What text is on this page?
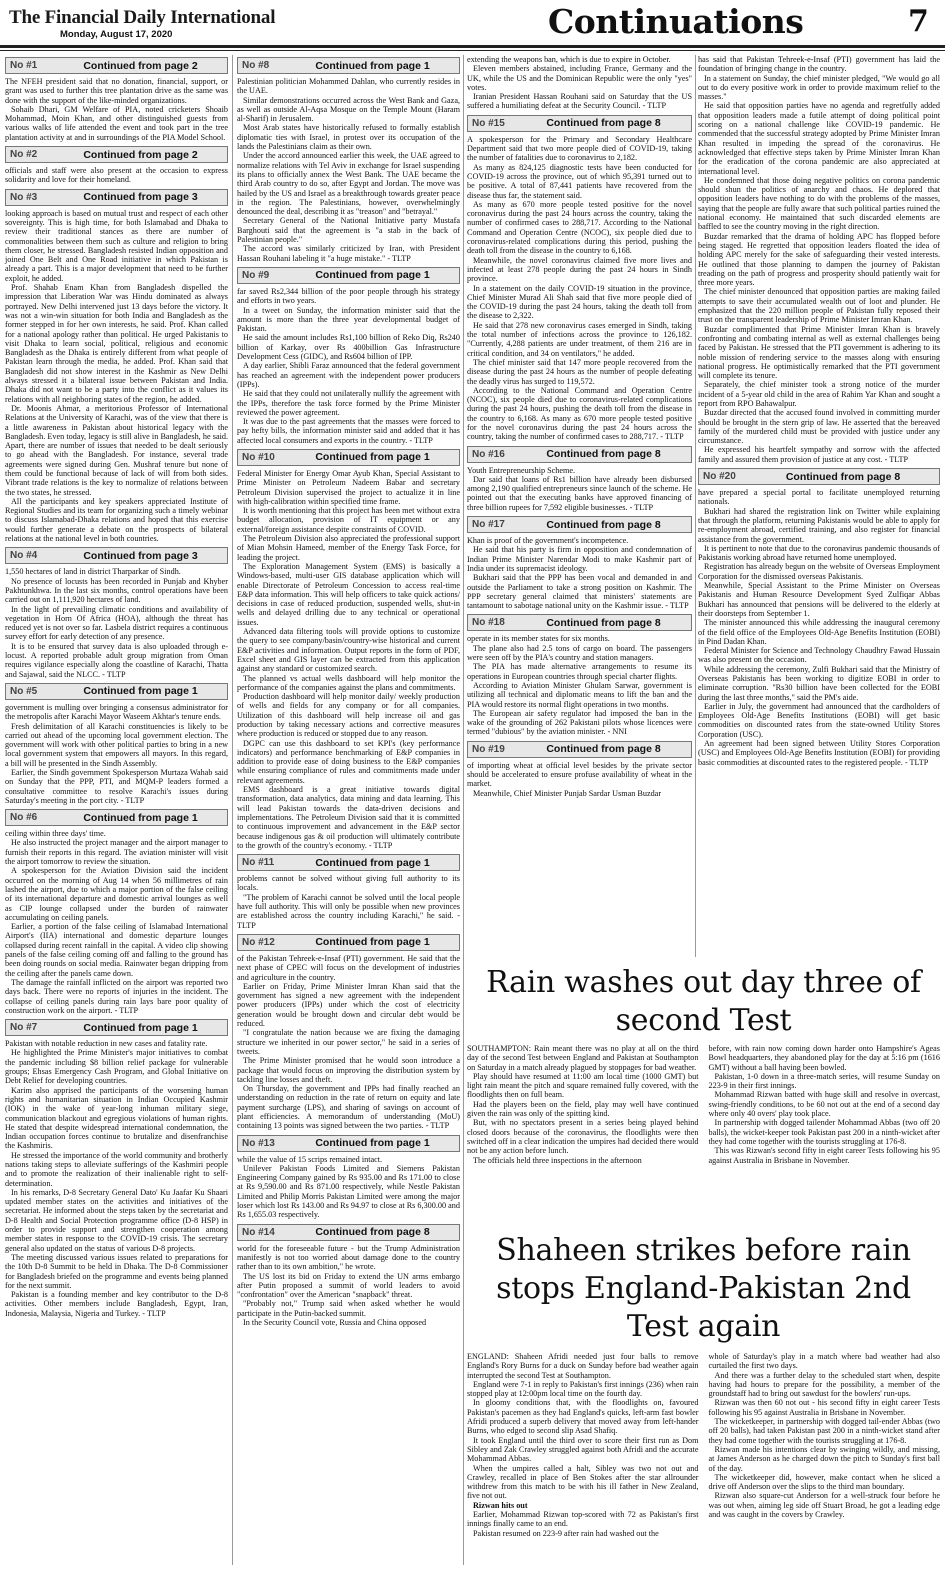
The Financial Daily International
Monday, August 17, 2020	Continuations	7
No #1	Continued from page 2

The NFEH president said that no donation, financial, support, or grant was used to further this tree plantation drive as the same was done with the support of the like-minded organizations.

Sohaib Dhari, GM Welfare of PIA, noted cricketers Shoaib Mohammad, Moin Khan, and other distinguished guests from various walks of life attended the event and took part in the tree plantation activity at and in surroundings of the PIA Model School.

No #2	Continued from page 2

officials and staff were also present at the occasion to express solidarity and love for their homeland.

No #3	Continued from page 3

looking approach is based on mutual trust and respect of each other sovereignty. This is high time, for both Islamabad and Dhaka to review their traditional stances as there are number of commonalities between them such as culture and religion to bring them closer, he stressed. Bangladesh resisted Indian opposition and joined One Belt and One Road initiative in which Pakistan is already a part. This is a major development that need to be further exploit, he added.

Prof. Shahab Enam Khan from Bangladesh dispelled the impression that Liberation War was Hindu dominated as always portrayed. New Delhi intervened just 13 days before the victory. It was not a win-win situation for both India and Bangladesh as the former stepped in for her own interests, he said. Prof. Khan called for a national apology rather than political. He urged Pakistanis to visit Dhaka to learn social, political, religious and economic Bangladesh as the Dhaka is entirely different from what people of Pakistan learn through the media, he added. Prof. Khan said that Bangladesh did not show interest in the Kashmir as New Delhi always stressed it a bilateral issue between Pakistan and India. Dhaka did not want to be a party into the conflict as it values its relations with all neighboring states of the region, he added.

Dr. Moonis Ahmar, a meritorious Professor of International Relations at the University of Karachi, was of the view that there is a little awareness in Pakistan about historical legacy with the Bangladesh. Even today, legacy is still alive in Bangladesh, he said. Apart, there are number of issues that needed to be dealt seriously to go ahead with the Bangladesh. For instance, several trade agreements were signed during Gen. Mushraf tenure but none of them could be functional because of lack of will from both sides. Vibrant trade relations is the key to normalize of relations between the two states, he stressed.

All the participants and key speakers appreciated Institute of Regional Studies and its team for organizing such a timely webinar to discuss Islamabad-Dhaka relations and hoped that this exercise would further generate a debate on the prospects of bilateral relations at the national level in both countries.

No #4	Continued from page 3

1,550 hectares of land in district Tharparkar of Sindh.

No presence of locusts has been recorded in Punjab and Khyber Pakhtunkhwa. In the last six months, control operations have been carried out on 1,111,920 hectares of land.

In the light of prevailing climatic conditions and availability of vegetation in Horn Of Africa (HOA), although the threat has reduced yet is not over so far. Lasbela district requires a continuous survey effort for early detection of any presence.

It is to be ensured that survey data is also uploaded through e-locust. A reported probable adult group migration from Oman requires vigilance especially along the coastline of Karachi, Thatta and Sajawal, said the NLCC. - TLTP

No #5	Continued from page 1

government is mulling over bringing a consensus administrator for the metropolis after Karachi Mayor Waseem Akhtar's tenure ends.

Fresh delimitation of all Karachi constituencies is likely to be carried out ahead of the upcoming local government election. The government will work with other political parties to bring in a new local government system that empowers all mayors. In this regard, a bill will be presented in the Sindh Assembly.

Earlier, the Sindh government Spokesperson Murtaza Wahab said on Sunday that the PPP, PTI, and MQM-P leaders formed a consultative committee to resolve Karachi's issues during Saturday's meeting in the port city. - TLTP

No #6	Continued from page 1

ceiling within three days' time.

He also instructed the project manager and the airport manager to furnish their reports in this regard. The aviation minister will visit the airport tomorrow to review the situation.

A spokesperson for the Aviation Division said the incident occurred on the morning of Aug 14 when 56 millimetres of rain lashed the airport, due to which a major portion of the false ceiling of its international departure and domestic arrival lounges as well as CIP lounge collapsed under the burden of rainwater accumulating on ceiling panels.

Earlier, a portion of the false ceiling of Islamabad International Airport's (IIA) international and domestic departure lounges collapsed during recent rainfall in the capital. A video clip showing panels of the false ceiling coming off and falling to the ground has been doing rounds on social media. Rainwater began dripping from the ceiling after the panels came down.

The damage the rainfall inflicted on the airport was reported two days back. There were no reports of injuries in the incident. The collapse of ceiling panels during rain lays bare poor quality of construction work on the airport. - TLTP

No #7	Continued from page 1

Pakistan with notable reduction in new cases and fatality rate.

He highlighted the Prime Minister's major initiatives to combat the pandemic including $8 billion relief package for vulnerable groups; Ehsas Emergency Cash Program, and Global Initiative on Debt Relief for developing countries.

Karim also apprised the participants of the worsening human rights and humanitarian situation in Indian Occupied Kashmir (IOK) in the wake of year-long inhuman military siege, communication blackout and egregious violations of human rights. He stated that despite widespread international condemnation, the Indian occupation forces continue to brutalize and disenfranchise the Kashmiris.

He stressed the importance of the world community and brotherly nations taking steps to alleviate sufferings of the Kashmiri people and to promote the realization of their inalienable right to self-determination.

In his remarks, D-8 Secretary General Dato' Ku Jaafar Ku Shaari updated member states on the activities and initiatives of the secretariat. He informed about the steps taken by the secretariat and D-8 Health and Social Protection programme office (D-8 HSP) in order to provide support and strengthen cooperation among member states in response to the COVID-19 crisis. The secretary general also updated on the status of various D-8 projects.

The meeting discussed various issues related to preparations for the 10th D-8 Summit to be held in Dhaka. The D-8 Commissioner for Bangladesh briefed on the programme and events being planned for the next summit.

Pakistan is a founding member and key contributor to the D-8 activities. Other members include Bangladesh, Egypt, Iran, Indonesia, Malaysia, Nigeria and Turkey. - TLTP

No #8	Continued from page 1

Palestinian politician Mohammed Dahlan, who currently resides in the UAE.

Similar demonstrations occurred across the West Bank and Gaza, as well as outside Al-Aqsa Mosque on the Temple Mount (Haram al-Sharif) in Jerusalem.

Most Arab states have historically refused to formally establish diplomatic ties with Israel, in protest over its occupation of the lands the Palestinians claim as their own.

Under the accord announced earlier this week, the UAE agreed to normalize relations with Tel Aviv in exchange for Israel suspending its plans to officially annex the West Bank. The UAE became the third Arab country to do so, after Egypt and Jordan. The move was hailed by the US and Israel as a breakthrough towards greater peace in the region. The Palestinians, however, overwhelmingly denounced the deal, describing it as "treason" and "betrayal."

Secretary General of the National Initiative party Mustafa Barghouti said that the agreement is "a stab in the back of Palestinian people."

The accord was similarly criticized by Iran, with President Hassan Rouhani labeling it "a huge mistake." - TLTP

No #9	Continued from page 1

far saved Rs2,344 billion of the poor people through his strategy and efforts in two years.

In a tweet on Sunday, the information minister said that the amount is more than the three year developmental budget of Pakistan.

He said the amount includes Rs1,100 billion of Reko Diq, Rs240 billion of Karkay, over Rs 400billion Gas Infrastructure Development Cess (GIDC), and Rs604 billion of IPP.

A day earlier, Shibli Faraz announced that the federal government has reached an agreement with the independent power producers (IPPs).

He said that they could not unilaterally nullify the agreement with the IPPs, therefore the task force formed by the Prime Minister reviewed the power agreement.

It was due to the past agreements that the masses were forced to pay hefty bills, the information minister said and added that it has affected local consumers and exports in the country. - TLTP

No #10	Continued from page 1

Federal Minister for Energy Omar Ayub Khan, Special Assistant to Prime Minister on Petroleum Nadeem Babar and secretary Petroleum Division supervised the project to actualize it in line with high-calibration within specified time frame.

It is worth mentioning that this project has been met without extra budget allocation, provision of IT equipment or any external/foreign assistance despite constraints of COVID.

The Petroleum Division also appreciated the professional support of Mian Mohsin Hameed, member of the Energy Task Force, for leading the project.

The Exploration Management System (EMS) is basically a Windows-based, multi-user GIS database application which will enable Directorate of Petroleum Concession to access real-time E&P data information. This will help officers to take quick actions/ decisions in case of reduced production, suspended wells, shut-in wells and delayed drilling due to any technical or operational issues.

Advanced data filtering tools will provide options to customize the query to see company/basin/country-wise historical and current E&P activities and information. Output reports in the form of PDF, Excel sheet and GIS layer can be extracted from this application against any standard or customized search.

The planned vs actual wells dashboard will help monitor the performance of the companies against the plans and commitments.

Production dashboard will help monitor daily/ weekly production of wells and fields for any company or for all companies. Utilization of this dashboard will help increase oil and gas production by taking necessary actions and corrective measures where production is reduced or stopped due to any reason.

DGPC can use this dashboard to set KPI's (key performance indicators) and performance benchmarking of E&P companies in addition to provide ease of doing business to the E&P companies while ensuring compliance of rules and commitments made under relevant agreements.

EMS dashboard is a great initiative towards digital transformation, data analytics, data mining and data learning. This will lead Pakistan towards the data-driven decisions and implementations. The Petroleum Division said that it is committed to continuous improvement and advancement in the E&P sector because indigenous gas & oil production will ultimately contribute to the growth of the country's economy. - TLTP

No #11	Continued from page 1

problems cannot be solved without giving full authority to its locals.

"The problem of Karachi cannot be solved until the local people have full authority. This will only be possible when new provinces are established across the country including Karachi," he said. - TLTP

No #12	Continued from page 1

of the Pakistan Tehreek-e-Insaf (PTI) government. He said that the next phase of CPEC will focus on the development of industries and agriculture in the country.

Earlier on Friday, Prime Minister Imran Khan said that the government has signed a new agreement with the independent power producers (IPPs) under which the cost of electricity generation would be brought down and circular debt would be reduced.

"I congratulate the nation because we are fixing the damaging structure we inherited in our power sector," he said in a series of tweets.

The Prime Minister promised that he would soon introduce a package that would focus on improving the distribution system by tackling line losses and theft.

On Thursday, the government and IPPs had finally reached an understanding on reduction in the rate of return on equity and late payment surcharge (LPS), and sharing of savings on account of plant efficiencies. A memorandum of understanding (MoU) containing 13 points was signed between the two parties. - TLTP

No #13	Continued from page 1

while the value of 15 scrips remained intact.

Unilever Pakistan Foods Limited and Siemens Pakistan Engineering Company gained by Rs 935.00 and Rs 171.00 to close at Rs 9,590.00 and Rs 871.00 respectively, while Nestle Pakistan Limited and Philip Morris Pakistan Limited were among the major loser which lost Rs 143.00 and Rs 94.97 to close at Rs 6,300.00 and Rs 1,655.03 respectively.

No #14	Continued from page 8

world for the foreseeable future - but the Trump Administration manifestly is not too worried about damage done to the country rather than to its own ambition," he wrote.

The US lost its bid on Friday to extend the UN arms embargo after Putin proposed a summit of world leaders to avoid "confrontation" over the American "snapback" threat.

"Probably not," Trump said when asked whether he would participate in the Putin-backed summit.

In the Security Council vote, Russia and China opposed

extending the weapons ban, which is due to expire in October.

Eleven members abstained, including France, Germany and the UK, while the US and the Dominican Republic were the only "yes" votes.

Iranian President Hassan Rouhani said on Saturday that the US suffered a humiliating defeat at the Security Council. - TLTP

No #15	Continued from page 8

A spokesperson for the Primary and Secondary Healthcare Department said that two more people died of COVID-19, taking the number of fatalities due to coronavirus to 2,182.

As many as 824,125 diagnostic tests have been conducted for COVID-19 across the province, out of which 95,391 turned out to be positive. A total of 87,441 patients have recovered from the disease thus far, the statement said.

As many as 670 more people tested positive for the novel coronavirus during the past 24 hours across the country, taking the number of confirmed cases to 288,717. According to the National Command and Operation Centre (NCOC), six people died due to coronavirus-related complications during this period, pushing the death toll from the disease in the country to 6,168.

Meanwhile, the novel coronavirus claimed five more lives and infected at least 278 people during the past 24 hours in Sindh province.

In a statement on the daily COVID-19 situation in the province, Chief Minister Murad Ali Shah said that five more people died of the COVID-19 during the past 24 hours, taking the death toll from the disease to 2,322.

He said that 278 new coronavirus cases emerged in Sindh, taking the total number of infections across the province to 126,182. "Currently, 4,288 patients are under treatment, of them 216 are in critical condition, and 34 on ventilators," he added.

The chief minister said that 147 more people recovered from the disease during the past 24 hours as the number of people defeating the deadly virus has surged to 119,572.

According to the National Command and Operation Centre (NCOC), six people died due to coronavirus-related complications during the past 24 hours, pushing the death toll from the disease in the country to 6,168. As many as 670 more people tested positive for the novel coronavirus during the past 24 hours across the country, taking the number of confirmed cases to 288,717. - TLTP

No #16	Continued from page 8

Youth Entrepreneurship Scheme.

Dar said that loans of Rs1 billion have already been disbursed among 2,190 qualified entrepreneurs since launch of the scheme. He pointed out that the executing banks have approved financing of three billion rupees for 7,592 eligible businesses. - TLTP

No #17	Continued from page 8

Khan is proof of the government's incompetence.

He said that his party is firm in opposition and condemnation of Indian Prime Minister Narendar Modi to make Kashmir part of India under its supremacist ideology.

Bukhari said that the PPP has been vocal and demanded in and outside the Parliament to take a strong position on Kashmir. The PPP secretary general claimed that ministers' statements are tantamount to sabotage national unity on the Kashmir issue. - TLTP

No #18	Continued from page 8

operate in its member states for six months.

The plane also had 2.5 tons of cargo on board. The passengers were seen off by the PIA's country and station managers.

The PIA has made alternative arrangements to resume its operations in European countries through special charter flights.

According to Aviation Minister Ghulam Sarwar, government is utilizing all technical and diplomatic means to lift the ban and the PIA would restore its normal flight operations in two months.

The European air safety regulator had imposed the ban in the wake of the grounding of 262 Pakistani pilots whose licences were termed "dubious" by the aviation minister. - NNI

No #19	Continued from page 8

of importing wheat at official level besides by the private sector should be accelerated to ensure profuse availability of wheat in the market.

Meanwhile, Chief Minister Punjab Sardar Usman Buzdar

has said that Pakistan Tehreek-e-Insaf (PTI) government has laid the foundation of bringing change in the country.

In a statement on Sunday, the chief minister pledged, "We would go all out to do every positive work in order to provide maximum relief to the masses."

He said that opposition parties have no agenda and regretfully added that opposition leaders made a futile attempt of doing political point scoring on a national challenge like COVID-19 pandemic. He commended that the successful strategy adopted by Prime Minister Imran Khan resulted in impeding the spread of the coronavirus. He acknowledged that effective steps taken by Prime Minister Imran Khan for the eradication of the corona pandemic are also appreciated at international level.

He condemned that those doing negative politics on corona pandemic should shun the politics of anarchy and chaos. He deplored that opposition leaders have nothing to do with the problems of the masses, saying that the people are fully aware that such political parties ruined the national economy. He maintained that such discarded elements are baffled to see the country moving in the right direction.

Buzdar remarked that the drama of holding APC has flopped before being staged. He regretted that opposition leaders floated the idea of holding APC merely for the sake of safeguarding their vested interests. He outlined that those planning to dampen the journey of Pakistan treading on the path of progress and prosperity should patiently wait for three more years.

The chief minister denounced that opposition parties are making failed attempts to save their accumulated wealth out of loot and plunder. He emphasized that the 220 million people of Pakistan fully reposed their trust on the transparent leadership of Prime Minister Imran Khan.

Buzdar complimented that Prime Minister Imran Khan is bravely confronting and combating internal as well as external challenges being faced by Pakistan. He stressed that the PTI government is adhering to its noble mission of rendering service to the masses along with ensuring national progress. He optimistically remarked that the PTI government will complete its tenure.

Separately, the chief minister took a strong notice of the murder incident of a 5-year old child in the area of Rahim Yar Khan and sought a report from RPO Bahawalpur.

Buzdar directed that the accused found involved in committing murder should be brought in the stern grip of law. He asserted that the bereaved family of the murdered child must be provided with justice under any circumstance.

He expressed his heartfelt sympathy and sorrow with the affected family and assured them provision of justice at any cost. - TLTP

No #20	Continued from page 8

have prepared a special portal to facilitate unemployed returning nationals.

Bukhari had shared the registration link on Twitter while explaining that through the platform, returning Pakistanis would be able to apply for re-employment abroad, certified training, and also register for financial assistance from the government.

It is pertinent to note that due to the coronavirus pandemic thousands of Pakistanis working abroad have returned home unemployed.

Registration has already begun on the website of Overseas Employment Corporation for the dismissed overseas Pakistanis.

Meanwhile, Special Assistant to the Prime Minister on Overseas Pakistanis and Human Resource Development Syed Zulfiqar Abbas Bukhari has announced that pensions will be delivered to the elderly at their doorsteps from September 1.

The minister announced this while addressing the inaugural ceremony of the field office of the Employees Old-Age Benefits Institution (EOBI) in Pind Dadan Khan.

Federal Minister for Science and Technology Chaudhry Fawad Hussain was also present on the occasion.

While addressing the ceremony, Zulfi Bukhari said that the Ministry of Overseas Pakistanis has been working to digitize EOBI in order to eliminate corruption. "Rs30 billion have been collected for the EOBI during the last three months," said the PM's aide.

Earlier in July, the government had announced that the cardholders of Employees Old-Age Benefits Institutions (EOBI) will get basic commodities on discounted rates from the state-owned Utility Stores Corporation (USC).

An agreement had been signed between Utility Stores Corporation (USC) and Employees Old-Age Benefits Institution (EOBI) for providing basic commodities at discounted rates to the registered people. - TLTP

Rain washes out day three of second Test

SOUTHAMPTON: Rain meant there was no play at all on the third day of the second Test between England and Pakistan at Southampton on Saturday in a match already plagued by stoppages for bad weather.

Play should have resumed at 11:00 am local time (1000 GMT) but light rain meant the pitch and square remained fully covered, with the floodlights then on full beam.

Had the players been on the field, play may well have continued given the rain was only of the spitting kind.

But, with no spectators present in a series being played behind closed doors because of the coronavirus, the floodlights were then switched off in a clear indication the umpires had decided there would not be any action before lunch.

The officials held three inspections in the afternoon

before, with rain now coming down harder onto Hampshire's Ageas Bowl headquarters, they abandoned play for the day at 5:16 pm (1616 GMT) without a ball having been bowled.

Pakistan, 1-0 down in a three-match series, will resume Sunday on 223-9 in their first innings.

Mohammad Rizwan batted with huge skill and resolve in overcast, swing-friendly conditions, to be 60 not out at the end of a second day where only 40 overs' play took place.

In partnership with dogged tailender Mohammad Abbas (two off 20 balls), the wicket-keeper took Pakistan past 200 in a ninth-wicket after they had come together with the tourists struggling at 176-8.

This was Rizwan's second fifty in eight career Tests following his 95 against Australia in Brisbane in November.

Shaheen strikes before rain stops England-Pakistan 2nd Test again

ENGLAND: Shaheen Afridi needed just four balls to remove England's Rory Burns for a duck on Sunday before bad weather again interrupted the second Test at Southampton.

England were 7-1 in reply to Pakistan's first innings (236) when rain stopped play at 12:00pm local time on the fourth day.

In gloomy conditions that, with the floodlights on, favoured Pakistan's pacemen as they had England's quicks, left-arm fast bowler Afridi produced a superb delivery that moved away from left-hander Burns, who edged to second slip Asad Shafiq.

It took England until the third over to score their first run as Dom Sibley and Zak Crawley struggled against both Afridi and the accurate Mohammad Abbas.

When the umpires called a halt, Sibley was two not out and Crawley, recalled in place of Ben Stokes after the star allrounder withdrew from this match to be with his ill father in New Zealand, five not out.

Rizwan hits out

Earlier, Mohammad Rizwan top-scored with 72 as Pakistan's first innings finally came to an end.

Pakistan resumed on 223-9 after rain had washed out the

whole of Saturday's play in a match where bad weather had also curtailed the first two days.

And there was a further delay to the scheduled start when, despite having had hours to prepare for the possibility, a member of the groundstaff had to bring out sawdust for the bowlers' run-ups.

Rizwan was then 60 not out - his second fifty in eight career Tests following his 95 against Australia in Brisbane in November.

The wicketkeeper, in partnership with dogged tail-ender Abbas (two off 20 balls), had taken Pakistan past 200 in a ninth-wicket stand after they had come together with the tourists struggling at 176-8.

Rizwan made his intentions clear by swinging wildly, and missing, at James Anderson as he charged down the pitch to Sunday's first ball of the day.

The wicketkeeper did, however, make contact when he sliced a drive off Anderson over the slips to the third man boundary.

Rizwan also square-cut Anderson for a well-struck four before he was out when, aiming leg side off Stuart Broad, he got a leading edge and was caught in the covers by Crawley.
